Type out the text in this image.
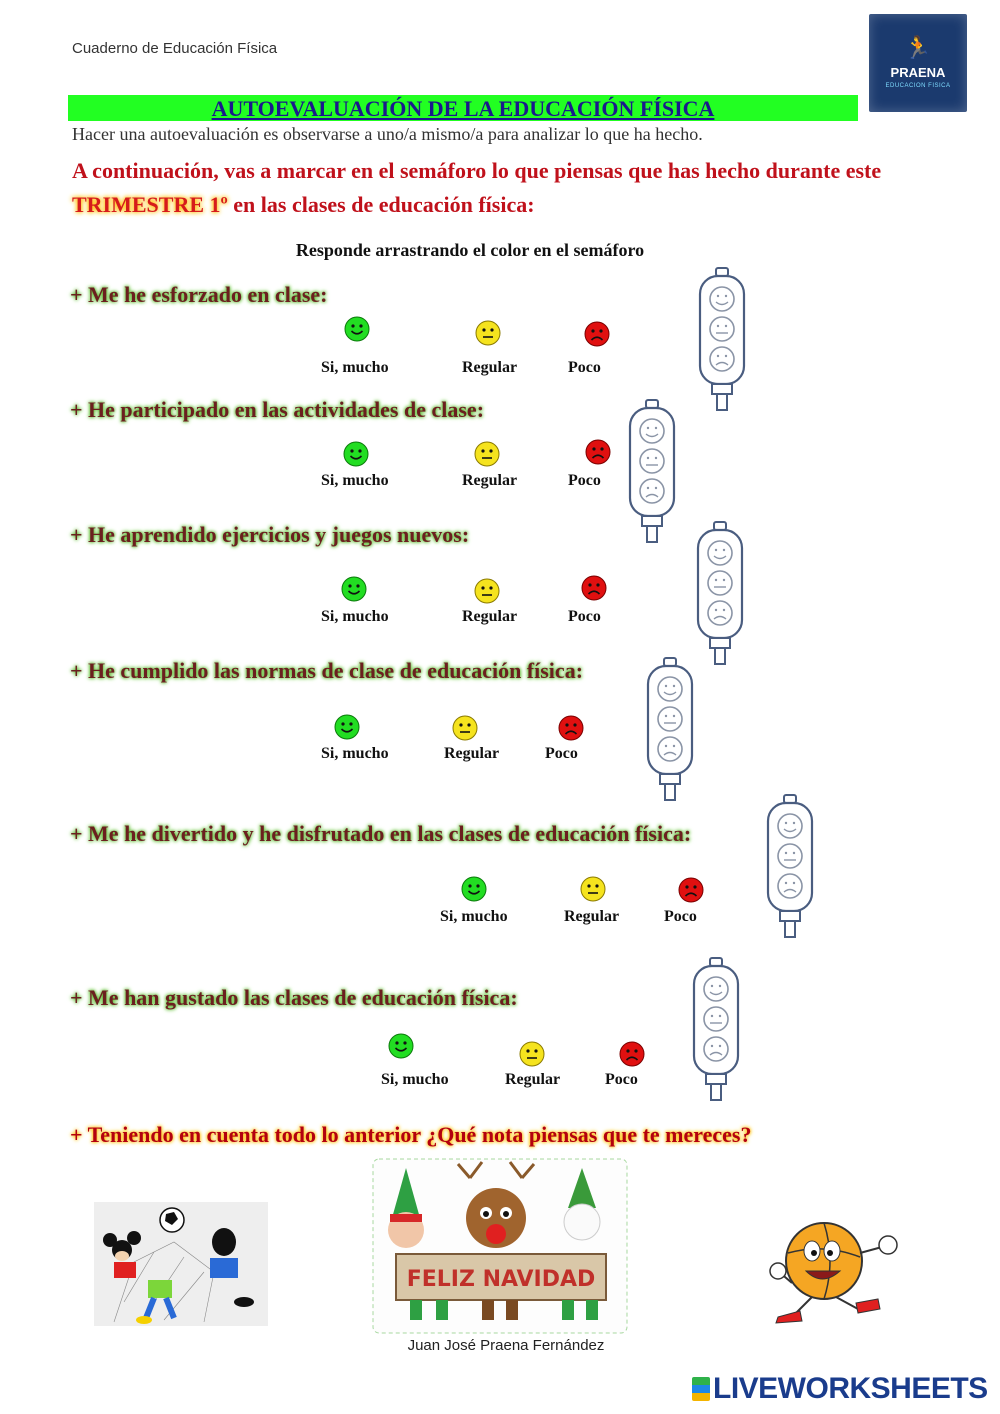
Cuaderno de Educación Física	🏃
PRAENA
EDUCACION FISICA
AUTOEVALUACIÓN DE LA EDUCACIÓN FÍSICA
Hacer una autoevaluación es observarse a uno/a mismo/a para analizar lo que ha hecho.
A continuación, vas a marcar en el semáforo lo que piensas que has hecho durante este
TRIMESTRE 1º en las clases de educación física:
Responde arrastrando el color en el semáforo
+ Me he esforzado en clase:
Si, mucho	Regular	Poco
+ He participado en las actividades de clase:
Si, mucho	Regular	Poco
+ He aprendido ejercicios y juegos nuevos:
Si, mucho	Regular	Poco
+ He cumplido las normas de clase de educación física:
Si, mucho	Regular	Poco
+ Me he divertido y he disfrutado en las clases de educación física:
Si, mucho	Regular	Poco
+ Me han gustado las clases de educación física:
Si, mucho	Regular	Poco
+ Teniendo en cuenta todo lo anterior ¿Qué nota piensas que te mereces?
FELIZ NAVIDAD
Juan José Praena Fernández
LIVEWORKSHEETS
